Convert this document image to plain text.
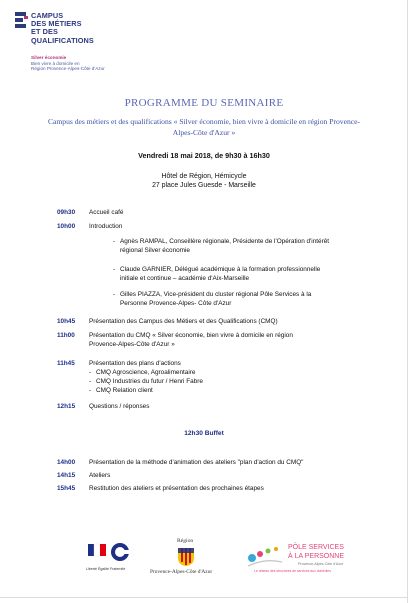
CAMPUS
DES MÉTIERS
ET DES
QUALIFICATIONS
Silver économie
Bien vivre à domicile en
Région Provence-Alpes-Côte d'Azur
PROGRAMME DU SEMINAIRE
Campus des métiers et des qualifications « Silver économie, bien vivre à domicile en région Provence-Alpes-Côte d'Azur »
Vendredi 18 mai 2018, de 9h30 à 16h30
Hôtel de Région, Hémicycle
27 place Jules Guesde - Marseille
09h30	Accueil café
10h00	Introduction
- Agnès RAMPAL, Conseillère régionale, Présidente de l'Opération d'intérêt
régional Silver économie
- Claude GARNIER, Délégué académique à la formation professionnelle
initiale et continue – académie d'Aix-Marseille
- Gilles PIAZZA, Vice-président du cluster régional Pôle Services à la
Personne Provence-Alpes- Côte d'Azur
10h45	Présentation des Campus des Métiers et des Qualifications (CMQ)
11h00	Présentation du CMQ « Silver économie, bien vivre à domicile en région
Provence-Alpes-Côte d'Azur »
11h45	Présentation des plans d'actions
- CMQ Agroscience, Agroalimentaire
- CMQ Industries du futur / Henri Fabre
- CMQ Relation client
12h15	Questions / réponses
12h30 Buffet
14h00	Présentation de la méthode d'animation des ateliers "plan d'action du CMQ"
14h15	Ateliers
15h45	Restitution des ateliers et présentation des prochaines étapes
Liberté Égalité Fraternité
Région
Provence-Alpes-Côte d'Azur
PÔLE SERVICES
À LA PERSONNE
Provence-Alpes-Côte d'Azur
Le réseau des structures de services aux domiciles
